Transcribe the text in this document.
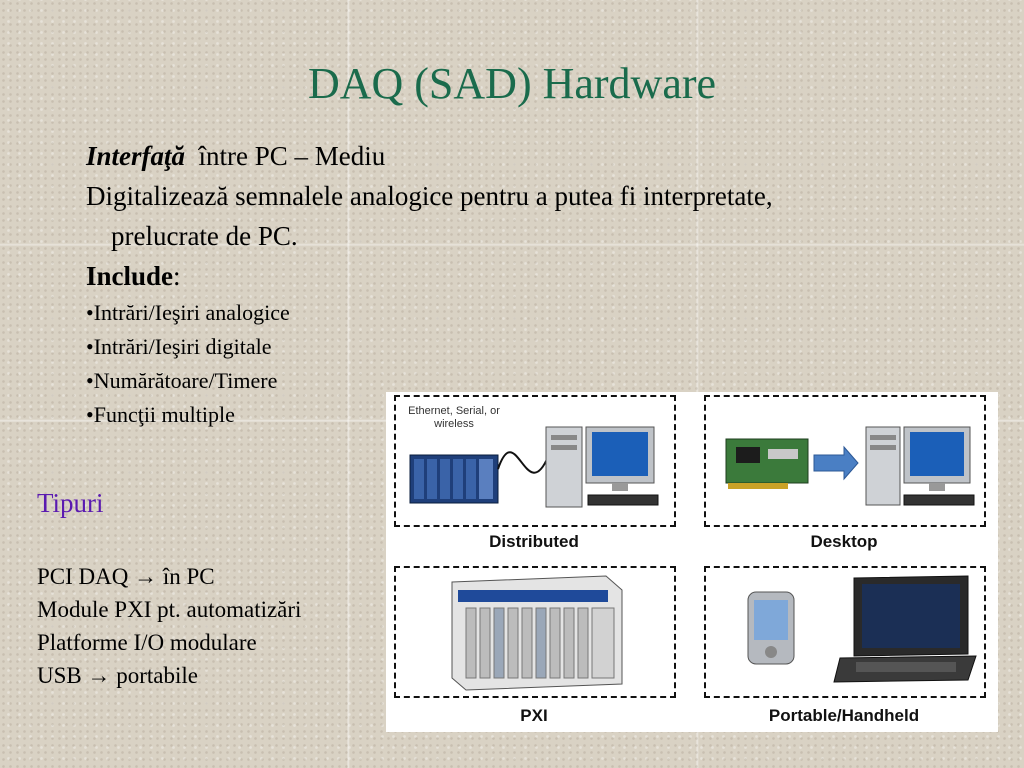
DAQ (SAD) Hardware

Interfaţă între PC – Mediu

Digitalizează semnalele analogice pentru a putea fi interpretate,

prelucrate de PC.

Include:

•Intrări/Ieşiri analogice

•Intrări/Ieşiri digitale

•Numărătoare/Timere

•Funcţii multiple

Tipuri

PCI DAQ → în PC

Module PXI pt. automatizări

Platforme I/O modulare

USB → portabile

Ethernet, Serial, or
wireless
Distributed	Desktop
PXI	Portable/Handheld
